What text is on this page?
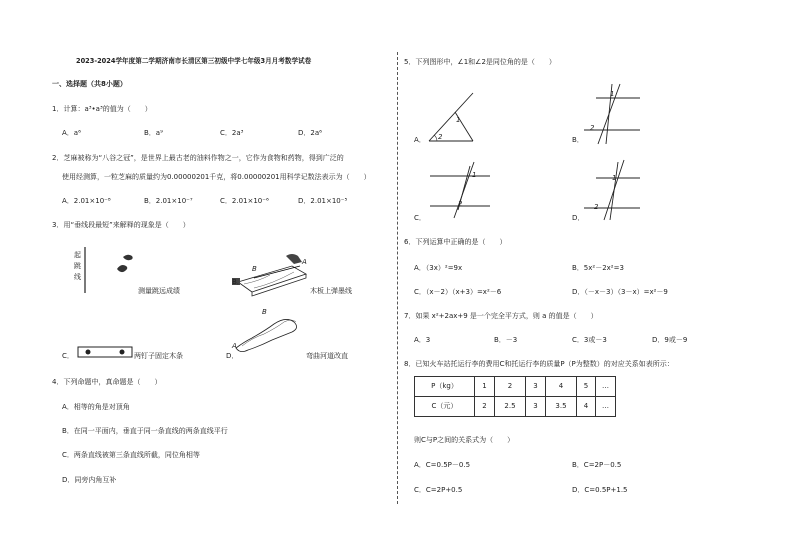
2023-2024学年度第二学期济南市长清区第三初级中学七年级3月月考数学试卷
一、选择题（共8小题）
1．计算：a³•a³的值为（　　）
A．a⁶	B．a⁹	C．2a³	D．2a⁶
2．芝麻被称为“八谷之冠”，是世界上最古老的油料作物之一，它作为食物和药物，得到广泛的
使用经测算，一粒芝麻的质量约为0.00000201千克，将0.00000201用科学记数法表示为（　　）
A．2.01×10⁻⁸	B．2.01×10⁻⁷	C．2.01×10⁻⁶	D．2.01×10⁻⁵
3．用“垂线段最短”来解释的现象是（　　）
起
跳
线
测量跳远成绩
B
A
B．
木板上弹墨线
C．	两钉子固定木条	D．
B
A
弯曲河道改直
4．下列命题中，真命题是（　　）
A．相等的角是对顶角
B．在同一平面内，垂直于同一条直线的两条直线平行
C．两条直线被第三条直线所截，同位角相等
D．同旁内角互补
5．下列图形中，∠1和∠2是同位角的是（　　）
A． 2
1
B．
1
2
C．
1
2
D．
1
2
6．下列运算中正确的是（　　）
A．（3x）²=9x	B．5x²－2x²=3
C．（x－2）（x+3）=x²－6	D．（－x－3）（3－x）=x²－9
7．如果 x²+2ax+9 是一个完全平方式，则 a 的值是（　　）
A．3	B．－3	C．3或－3	D．9或－9
8．已知火车站托运行李的费用C和托运行李的质量P（P为整数）的对应关系如表所示：
P（kg）	1	2	3	4	5	…
C（元）	2	2.5	3	3.5	4	…
则C与P之间的关系式为（　　）
A．C=0.5P－0.5	B．C=2P－0.5
C．C=2P+0.5	D．C=0.5P+1.5
